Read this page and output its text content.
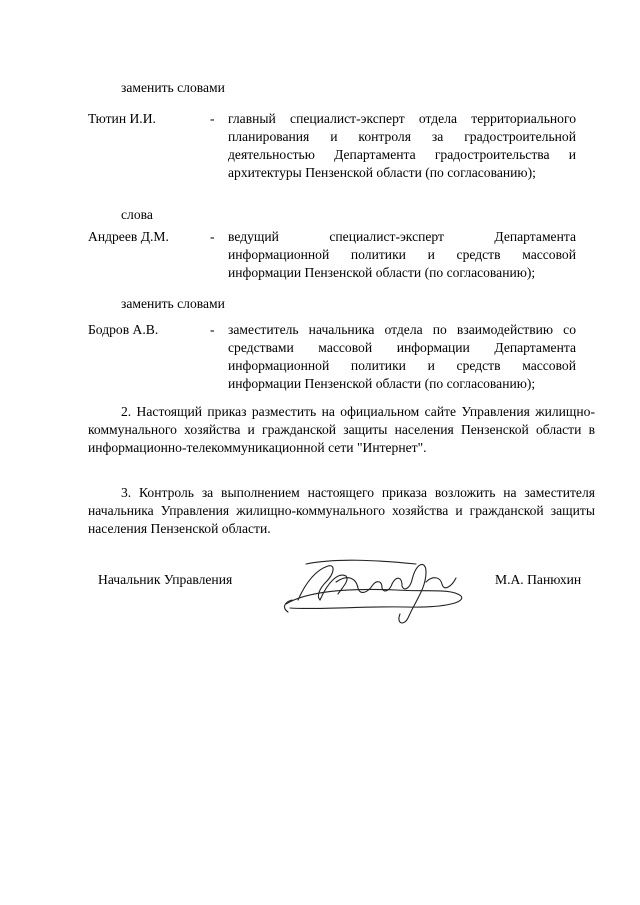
заменить словами
Тютин И.И.	- главный специалист-эксперт отдела территориального планирования и контроля за градостроительной деятельностью Департамента градостроительства и архитектуры Пензенской области (по согласованию);
слова
Андреев Д.М.	- ведущий специалист-эксперт Департамента информационной политики и средств массовой информации Пензенской области (по согласованию);
заменить словами
Бодров А.В.	- заместитель начальника отдела по взаимодействию со средствами массовой информации Департамента информационной политики и средств массовой информации Пензенской области (по согласованию);
2. Настоящий приказ разместить на официальном сайте Управления жилищно-коммунального хозяйства и гражданской защиты населения Пензенской области в информационно-телекоммуникационной сети "Интернет".
3. Контроль за выполнением настоящего приказа возложить на заместителя начальника Управления жилищно-коммунального хозяйства и гражданской защиты населения Пензенской области.
Начальник Управления	М.А. Панюхин
